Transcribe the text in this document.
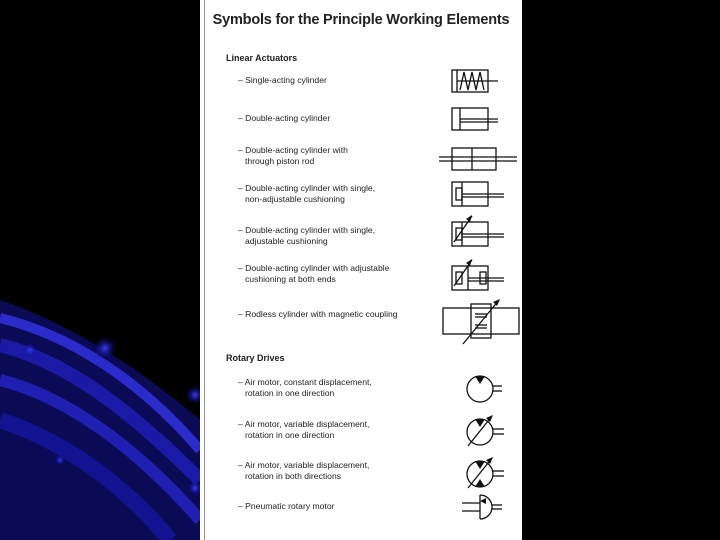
Symbols for the Principle Working Elements
Linear Actuators
Rotary Drives
– Single-acting cylinder
– Double-acting cylinder
– Double-acting cylinder with
through piston rod
– Double-acting cylinder with single,
non-adjustable cushioning
– Double-acting cylinder with single,
adjustable cushioning
– Double-acting cylinder with adjustable
cushioning at both ends
– Rodless cylinder with magnetic coupling
– Air motor, constant displacement,
rotation in one direction
– Air motor, variable displacement,
rotation in one direction
– Air motor, variable displacement,
rotation in both directions
– Pneumatic rotary motor
